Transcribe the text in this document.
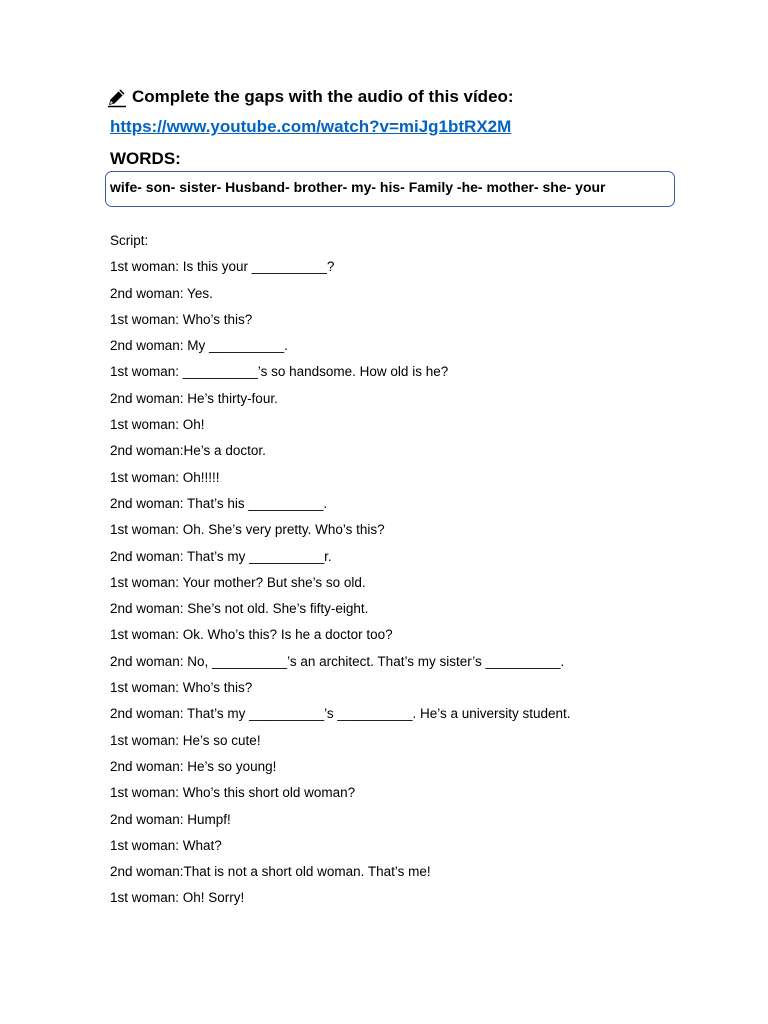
Complete the gaps with the audio of this vídeo:
https://www.youtube.com/watch?v=miJg1btRX2M
WORDS:
wife- son- sister- Husband- brother- my- his- Family -he- mother- she- your
Script:
1st woman: Is this your __________?
2nd woman: Yes.
1st woman: Who’s this?
2nd woman: My __________.
1st woman: __________’s so handsome. How old is he?
2nd woman: He’s thirty-four.
1st woman: Oh!
2nd woman:He’s a doctor.
1st woman: Oh!!!!!
2nd woman: That’s his __________.
1st woman: Oh. She’s very pretty. Who’s this?
2nd woman: That’s my __________r.
1st woman: Your mother? But she’s so old.
2nd woman: She’s not old. She’s fifty-eight.
1st woman: Ok. Who’s this? Is he a doctor too?
2nd woman: No, __________’s an architect. That’s my sister’s __________.
1st woman: Who’s this?
2nd woman: That’s my __________’s __________. He’s a university student.
1st woman: He’s so cute!
2nd woman: He’s so young!
1st woman: Who’s this short old woman?
2nd woman: Humpf!
1st woman: What?
2nd woman:That is not a short old woman. That’s me!
1st woman: Oh! Sorry!
